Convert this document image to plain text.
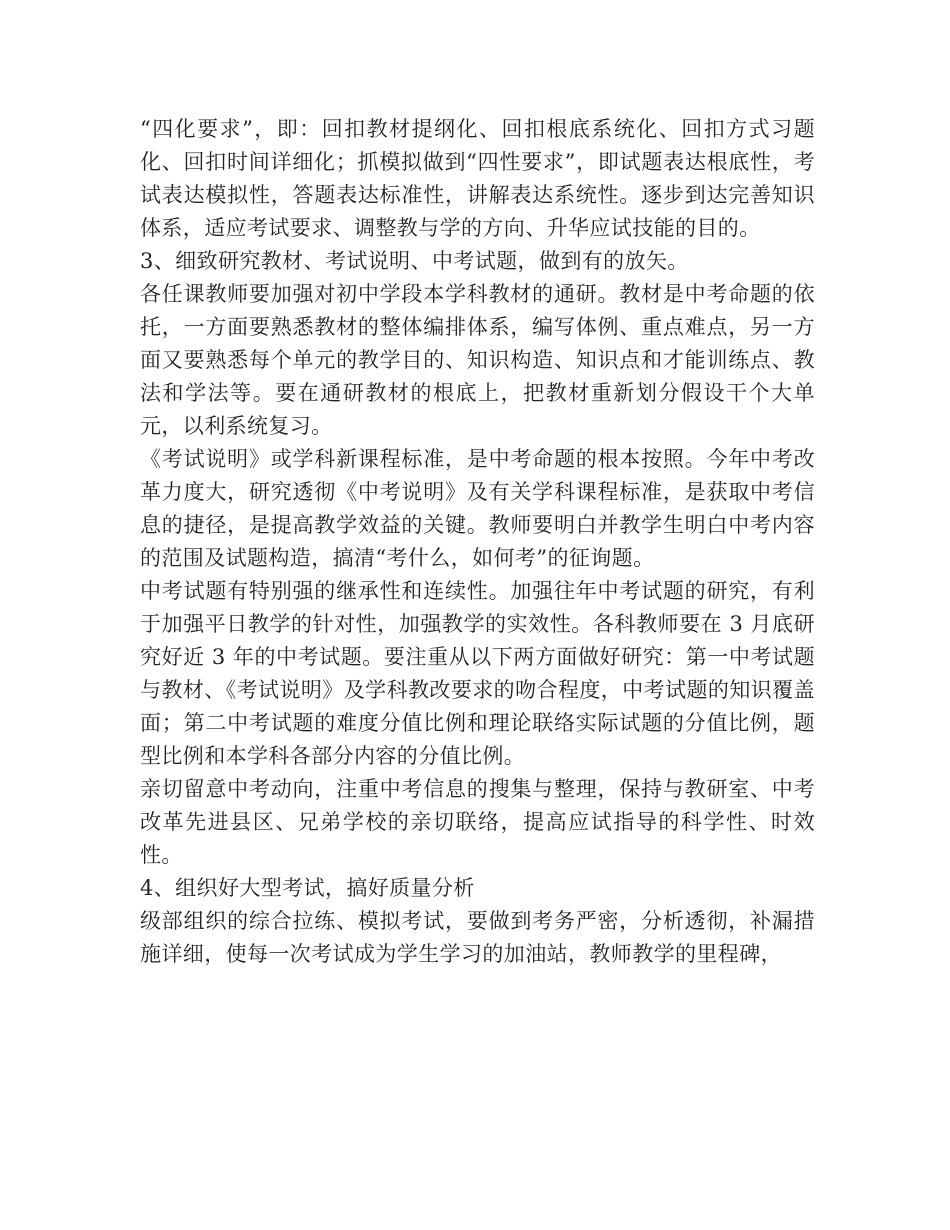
“四化要求”，即：回扣教材提纲化、回扣根底系统化、回扣方式习题化、回扣时间详细化；抓模拟做到“四性要求”，即试题表达根底性，考试表达模拟性，答题表达标准性，讲解表达系统性。逐步到达完善知识体系，适应考试要求、调整教与学的方向、升华应试技能的目的。

3、细致研究教材、考试说明、中考试题，做到有的放矢。

各任课教师要加强对初中学段本学科教材的通研。教材是中考命题的依托，一方面要熟悉教材的整体编排体系，编写体例、重点难点，另一方面又要熟悉每个单元的教学目的、知识构造、知识点和才能训练点、教法和学法等。要在通研教材的根底上，把教材重新划分假设干个大单元，以利系统复习。

《考试说明》或学科新课程标准，是中考命题的根本按照。今年中考改革力度大，研究透彻《中考说明》及有关学科课程标准，是获取中考信息的捷径，是提高教学效益的关键。教师要明白并教学生明白中考内容的范围及试题构造，搞清“考什么，如何考”的征询题。

中考试题有特别强的继承性和连续性。加强往年中考试题的研究，有利于加强平日教学的针对性，加强教学的实效性。各科教师要在 3 月底研究好近 3 年的中考试题。要注重从以下两方面做好研究：第一中考试题与教材、《考试说明》及学科教改要求的吻合程度，中考试题的知识覆盖面；第二中考试题的难度分值比例和理论联络实际试题的分值比例，题型比例和本学科各部分内容的分值比例。

亲切留意中考动向，注重中考信息的搜集与整理，保持与教研室、中考改革先进县区、兄弟学校的亲切联络，提高应试指导的科学性、时效性。

4、组织好大型考试，搞好质量分析

级部组织的综合拉练、模拟考试，要做到考务严密，分析透彻，补漏措施详细，使每一次考试成为学生学习的加油站，教师教学的里程碑，
